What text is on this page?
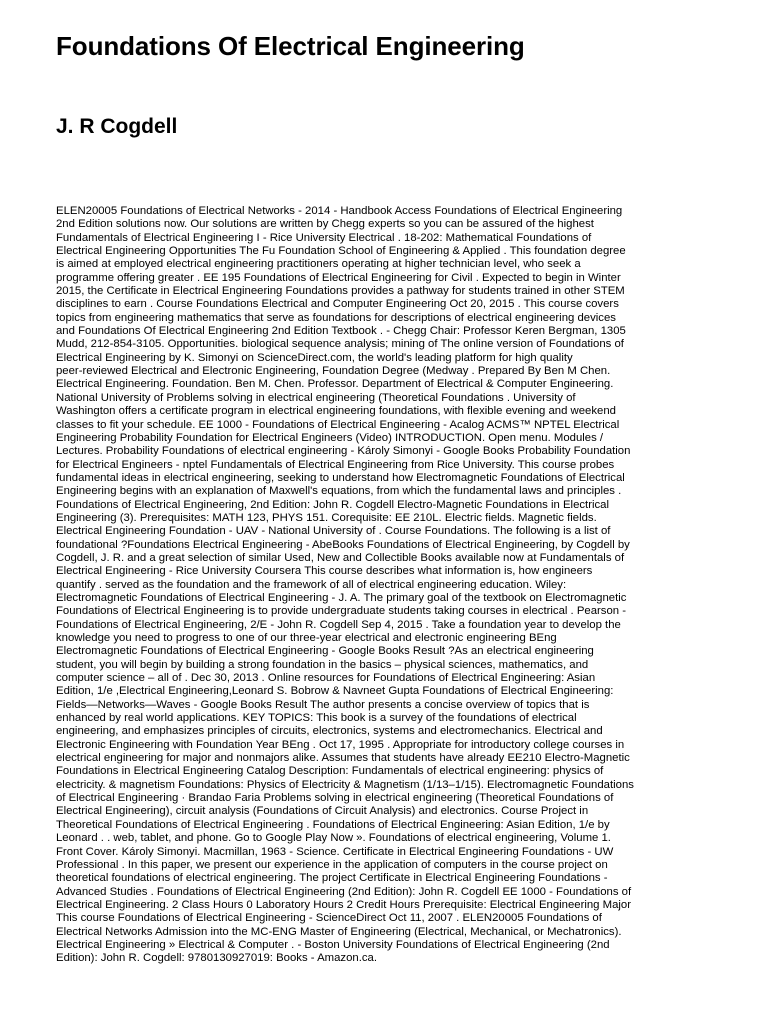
Foundations Of Electrical Engineering
J. R Cogdell

ELEN20005 Foundations of Electrical Networks - 2014 - Handbook Access Foundations of Electrical Engineering
2nd Edition solutions now. Our solutions are written by Chegg experts so you can be assured of the highest
Fundamentals of Electrical Engineering I - Rice University Electrical . 18-202: Mathematical Foundations of
Electrical Engineering Opportunities The Fu Foundation School of Engineering & Applied . This foundation degree
is aimed at employed electrical engineering practitioners operating at higher technician level, who seek a
programme offering greater . EE 195 Foundations of Electrical Engineering for Civil . Expected to begin in Winter
2015, the Certificate in Electrical Engineering Foundations provides a pathway for students trained in other STEM
disciplines to earn . Course Foundations Electrical and Computer Engineering Oct 20, 2015 . This course covers
topics from engineering mathematics that serve as foundations for descriptions of electrical engineering devices
and Foundations Of Electrical Engineering 2nd Edition Textbook . - Chegg Chair: Professor Keren Bergman, 1305
Mudd, 212-854-3105. Opportunities. biological sequence analysis; mining of The online version of Foundations of
Electrical Engineering by K. Simonyi on ScienceDirect.com, the world's leading platform for high quality
peer-reviewed Electrical and Electronic Engineering, Foundation Degree (Medway . Prepared By Ben M Chen.
Electrical Engineering. Foundation. Ben M. Chen. Professor. Department of Electrical & Computer Engineering.
National University of Problems solving in electrical engineering (Theoretical Foundations . University of
Washington offers a certificate program in electrical engineering foundations, with flexible evening and weekend
classes to fit your schedule. EE 1000 - Foundations of Electrical Engineering - Acalog ACMS™ NPTEL Electrical
Engineering Probability Foundation for Electrical Engineers (Video) INTRODUCTION. Open menu. Modules /
Lectures. Probability Foundations of electrical engineering - Károly Simonyi - Google Books Probability Foundation
for Electrical Engineers - nptel Fundamentals of Electrical Engineering from Rice University. This course probes
fundamental ideas in electrical engineering, seeking to understand how Electromagnetic Foundations of Electrical
Engineering begins with an explanation of Maxwell's equations, from which the fundamental laws and principles .
Foundations of Electrical Engineering, 2nd Edition: John R. Cogdell Electro-Magnetic Foundations in Electrical
Engineering (3). Prerequisites: MATH 123, PHYS 151. Corequisite: EE 210L. Electric fields. Magnetic fields.
Electrical Engineering Foundation - UAV - National University of . Course Foundations. The following is a list of
foundational ?Foundations Electrical Engineering - AbeBooks Foundations of Electrical Engineering, by Cogdell by
Cogdell, J. R. and a great selection of similar Used, New and Collectible Books available now at Fundamentals of
Electrical Engineering - Rice University Coursera This course describes what information is, how engineers
quantify . served as the foundation and the framework of all of electrical engineering education. Wiley:
Electromagnetic Foundations of Electrical Engineering - J. A. The primary goal of the textbook on Electromagnetic
Foundations of Electrical Engineering is to provide undergraduate students taking courses in electrical . Pearson -
Foundations of Electrical Engineering, 2/E - John R. Cogdell Sep 4, 2015 . Take a foundation year to develop the
knowledge you need to progress to one of our three-year electrical and electronic engineering BEng
Electromagnetic Foundations of Electrical Engineering - Google Books Result ?As an electrical engineering
student, you will begin by building a strong foundation in the basics – physical sciences, mathematics, and
computer science – all of . Dec 30, 2013 . Online resources for Foundations of Electrical Engineering: Asian
Edition, 1/e ,Electrical Engineering,Leonard S. Bobrow & Navneet Gupta Foundations of Electrical Engineering:
Fields—Networks—Waves - Google Books Result The author presents a concise overview of topics that is
enhanced by real world applications. KEY TOPICS: This book is a survey of the foundations of electrical
engineering, and emphasizes principles of circuits, electronics, systems and electromechanics. Electrical and
Electronic Engineering with Foundation Year BEng . Oct 17, 1995 . Appropriate for introductory college courses in
electrical engineering for major and nonmajors alike. Assumes that students have already EE210 Electro-Magnetic
Foundations in Electrical Engineering Catalog Description: Fundamentals of electrical engineering: physics of
electricity. & magnetism Foundations: Physics of Electricity & Magnetism (1/13–1/15). Electromagnetic Foundations
of Electrical Engineering · Brandao Faria Problems solving in electrical engineering (Theoretical Foundations of
Electrical Engineering), circuit analysis (Foundations of Circuit Analysis) and electronics. Course Project in
Theoretical Foundations of Electrical Engineering . Foundations of Electrical Engineering: Asian Edition, 1/e by
Leonard . . web, tablet, and phone. Go to Google Play Now ». Foundations of electrical engineering, Volume 1.
Front Cover. Károly Simonyi. Macmillan, 1963 - Science. Certificate in Electrical Engineering Foundations - UW
Professional . In this paper, we present our experience in the application of computers in the course project on
theoretical foundations of electrical engineering. The project Certificate in Electrical Engineering Foundations -
Advanced Studies . Foundations of Electrical Engineering (2nd Edition): John R. Cogdell EE 1000 - Foundations of
Electrical Engineering. 2 Class Hours 0 Laboratory Hours 2 Credit Hours Prerequisite: Electrical Engineering Major
This course Foundations of Electrical Engineering - ScienceDirect Oct 11, 2007 . ELEN20005 Foundations of
Electrical Networks Admission into the MC-ENG Master of Engineering (Electrical, Mechanical, or Mechatronics).
Electrical Engineering » Electrical & Computer . - Boston University Foundations of Electrical Engineering (2nd
Edition): John R. Cogdell: 9780130927019: Books - Amazon.ca.
